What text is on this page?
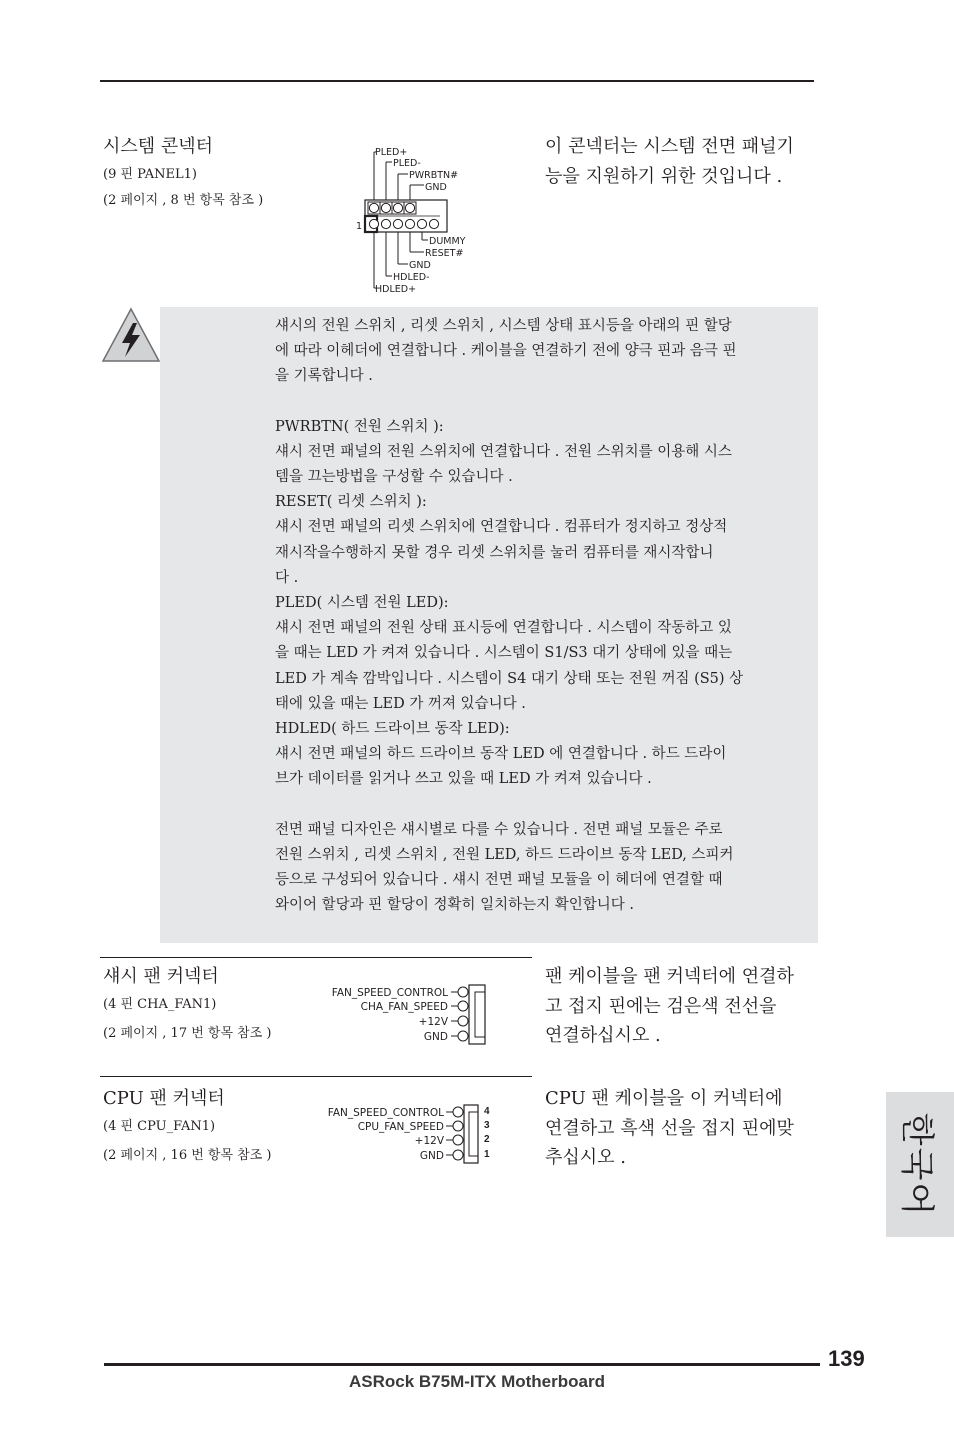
시스템 콘넥터
(9 핀 PANEL1)
(2 페이지 , 8 번 항목 참조 )
이 콘넥터는 시스템 전면 패널기
능을 지원하기 위한 것입니다 .
1
PLED+
PLED-
PWRBTN#
GND
DUMMY
RESET#
GND
HDLED-
HDLED+

섀시의 전원 스위치 , 리셋 스위치 , 시스템 상태 표시등을 아래의 핀 할당
에 따라 이헤더에 연결합니다 . 케이블을 연결하기 전에 양극 핀과 음극 핀
을 기록합니다 .

PWRBTN( 전원 스위치 ):

섀시 전면 패널의 전원 스위치에 연결합니다 . 전원 스위치를 이용해 시스
템을 끄는방법을 구성할 수 있습니다 .

RESET( 리셋 스위치 ):

섀시 전면 패널의 리셋 스위치에 연결합니다 . 컴퓨터가 정지하고 정상적
재시작을수행하지 못할 경우 리셋 스위치를 눌러 컴퓨터를 재시작합니
다 .

PLED( 시스템 전원 LED):

섀시 전면 패널의 전원 상태 표시등에 연결합니다 . 시스템이 작동하고 있
을 때는 LED 가 켜져 있습니다 . 시스템이 S1/S3 대기 상태에 있을 때는
LED 가 계속 깜박입니다 . 시스템이 S4 대기 상태 또는 전원 꺼짐 (S5) 상
태에 있을 때는 LED 가 꺼져 있습니다 .

HDLED( 하드 드라이브 동작 LED):

섀시 전면 패널의 하드 드라이브 동작 LED 에 연결합니다 . 하드 드라이
브가 데이터를 읽거나 쓰고 있을 때 LED 가 켜져 있습니다 .

전면 패널 디자인은 섀시별로 다를 수 있습니다 . 전면 패널 모듈은 주로
전원 스위치 , 리셋 스위치 , 전원 LED, 하드 드라이브 동작 LED, 스피커
등으로 구성되어 있습니다 . 섀시 전면 패널 모듈을 이 헤더에 연결할 때
와이어 할당과 핀 할당이 정확히 일치하는지 확인합니다 .

섀시 팬 커넥터
(4 핀 CHA_FAN1)
(2 페이지 , 17 번 항목 참조 )
팬 케이블을 팬 커넥터에 연결하
고 접지 핀에는 검은색 전선을
연결하십시오 .
FAN_SPEED_CONTROL
CHA_FAN_SPEED
+12V
GND
CPU 팬 커넥터
(4 핀 CPU_FAN1)
(2 페이지 , 16 번 항목 참조 )
CPU 팬 케이블을 이 커넥터에
연결하고 흑색 선을 접지 핀에맞
추십시오 .
FAN_SPEED_CONTROL
CPU_FAN_SPEED
+12V
GND
4
3
2
1	한국어
139
ASRock B75M-ITX Motherboard
